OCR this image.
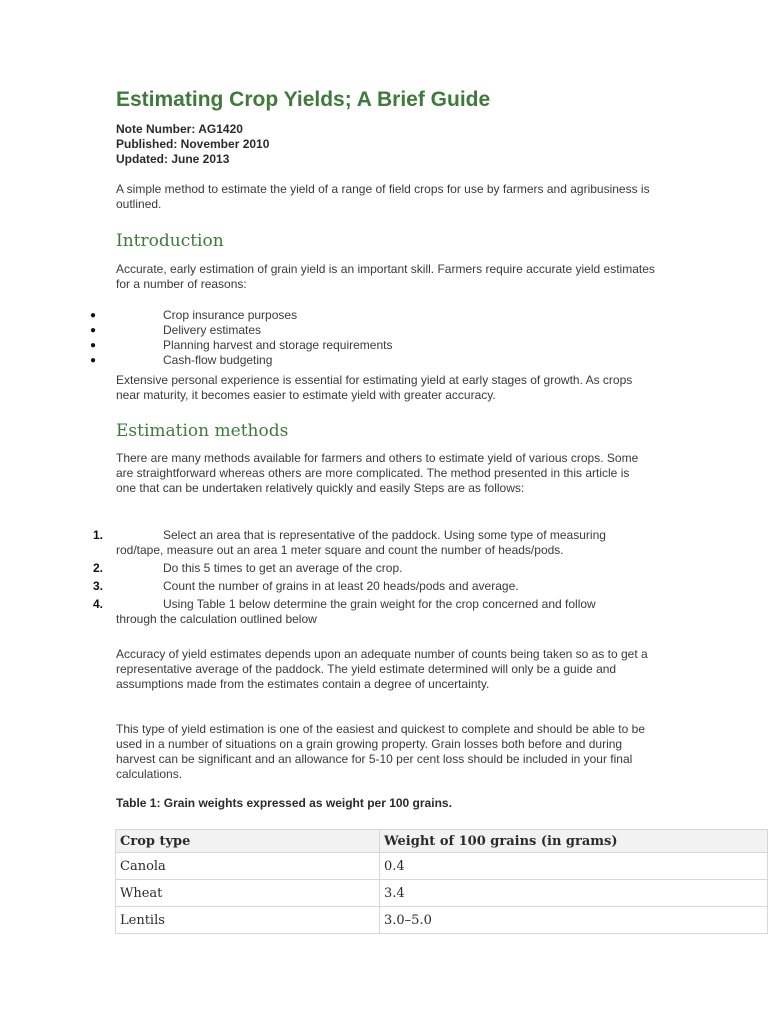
Estimating Crop Yields; A Brief Guide
Note Number: AG1420
Published: November 2010
Updated: June 2013

A simple method to estimate the yield of a range of field crops for use by farmers and agribusiness is outlined.

Introduction

Accurate, early estimation of grain yield is an important skill. Farmers require accurate yield estimates for a number of reasons:

●	Crop insurance purposes
●	Delivery estimates
●	Planning harvest and storage requirements
●	Cash-flow budgeting

Extensive personal experience is essential for estimating yield at early stages of growth. As crops near maturity, it becomes easier to estimate yield with greater accuracy.

Estimation methods

There are many methods available for farmers and others to estimate yield of various crops. Some are straightforward whereas others are more complicated. The method presented in this article is one that can be undertaken relatively quickly and easily Steps are as follows:

1.	Select an area that is representative of the paddock. Using some type of measuring rod/tape, measure out an area 1 meter square and count the number of heads/pods.
2.	Do this 5 times to get an average of the crop.
3.	Count the number of grains in at least 20 heads/pods and average.
4.	Using Table 1 below determine the grain weight for the crop concerned and follow through the calculation outlined below

Accuracy of yield estimates depends upon an adequate number of counts being taken so as to get a representative average of the paddock. The yield estimate determined will only be a guide and assumptions made from the estimates contain a degree of uncertainty.

This type of yield estimation is one of the easiest and quickest to complete and should be able to be used in a number of situations on a grain growing property. Grain losses both before and during harvest can be significant and an allowance for 5-10 per cent loss should be included in your final calculations.

Table 1: Grain weights expressed as weight per 100 grains.
Crop type	Weight of 100 grains (in grams)
Canola	0.4
Wheat	3.4
Lentils	3.0–5.0
